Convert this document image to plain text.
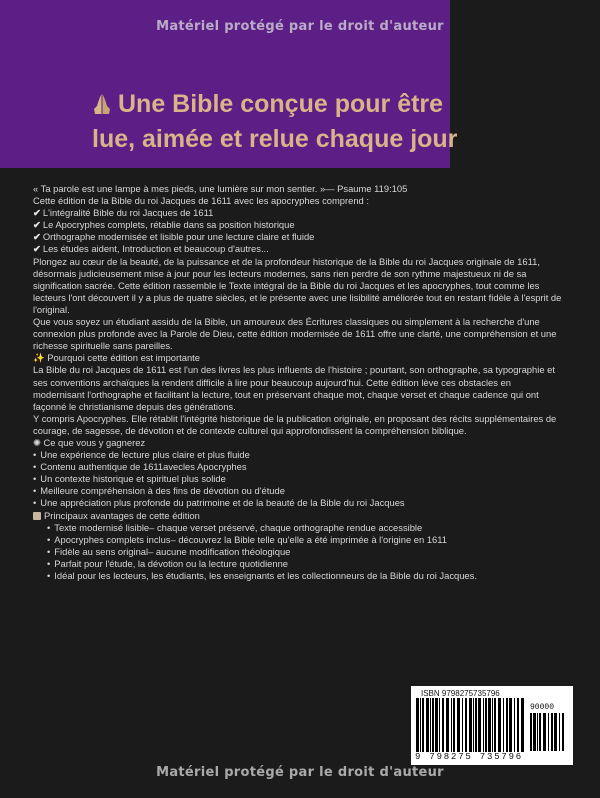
Matériel protégé par le droit d'auteur
Une Bible conçue pour être
lue, aimée et relue chaque jour

« Ta parole est une lampe à mes pieds, une lumière sur mon sentier. »— Psaume 119:105

Cette édition de la Bible du roi Jacques de 1611 avec les apocryphes comprend :

✔ L'intégralité Bible du roi Jacques de 1611

✔ Le Apocryphes complets, rétablie dans sa position historique

✔ Orthographe modernisée et lisible pour une lecture claire et fluide

✔ Les études aident, Introduction et beaucoup d'autres...

Plongez au cœur de la beauté, de la puissance et de la profondeur historique de la Bible du roi Jacques originale de 1611, désormais judicieusement mise à jour pour les lecteurs modernes, sans rien perdre de son rythme majestueux ni de sa signification sacrée. Cette édition rassemble le Texte intégral de la Bible du roi Jacques et les apocryphes, tout comme les lecteurs l'ont découvert il y a plus de quatre siècles, et le présente avec une lisibilité améliorée tout en restant fidèle à l'esprit de l'original.

Que vous soyez un étudiant assidu de la Bible, un amoureux des Écritures classiques ou simplement à la recherche d'une connexion plus profonde avec la Parole de Dieu, cette édition modernisée de 1611 offre une clarté, une compréhension et une richesse spirituelle sans pareilles.

✨ Pourquoi cette édition est importante

La Bible du roi Jacques de 1611 est l'un des livres les plus influents de l'histoire ; pourtant, son orthographe, sa typographie et ses conventions archaïques la rendent difficile à lire pour beaucoup aujourd'hui. Cette édition lève ces obstacles en modernisant l'orthographe et facilitant la lecture, tout en préservant chaque mot, chaque verset et chaque cadence qui ont façonné le christianisme depuis des générations.

Y compris Apocryphes. Elle rétablit l'intégrité historique de la publication originale, en proposant des récits supplémentaires de courage, de sagesse, de dévotion et de contexte culturel qui approfondissent la compréhension biblique.

✺ Ce que vous y gagnerez

• Une expérience de lecture plus claire et plus fluide

• Contenu authentique de 1611avecles Apocryphes

• Un contexte historique et spirituel plus solide

• Meilleure compréhension à des fins de dévotion ou d'étude

• Une appréciation plus profonde du patrimoine et de la beauté de la Bible du roi Jacques

Principaux avantages de cette édition

• Texte modernisé lisible– chaque verset préservé, chaque orthographe rendue accessible

• Apocryphes complets inclus– découvrez la Bible telle qu'elle a été imprimée à l'origine en 1611

• Fidèle au sens original– aucune modification théologique

• Parfait pour l'étude, la dévotion ou la lecture quotidienne

• Idéal pour les lecteurs, les étudiants, les enseignants et les collectionneurs de la Bible du roi Jacques.

ISBN 9798275735796
90000
9 798275 735796
Matériel protégé par le droit d'auteur
